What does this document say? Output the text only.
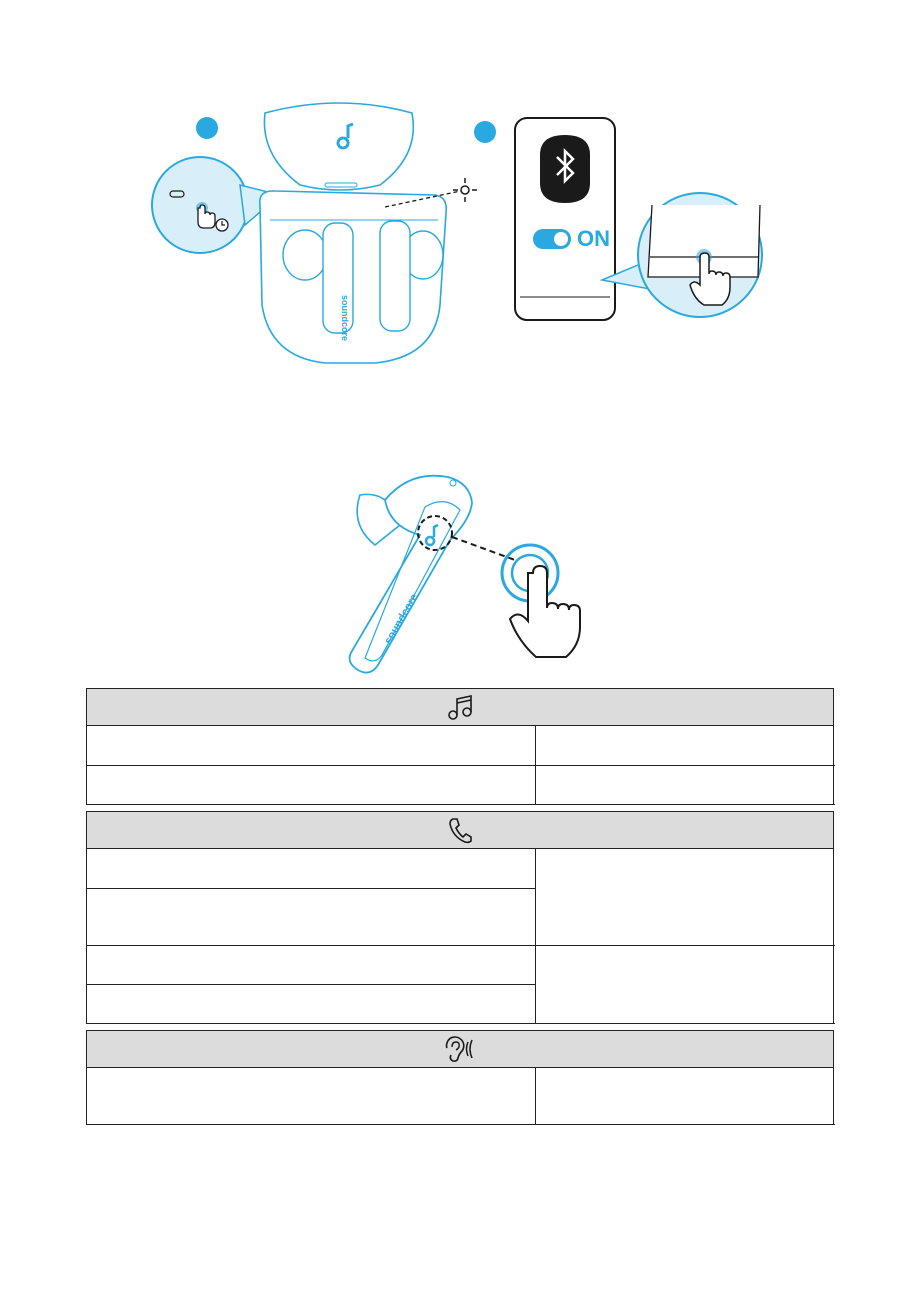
soundcore
ON
soundcore
